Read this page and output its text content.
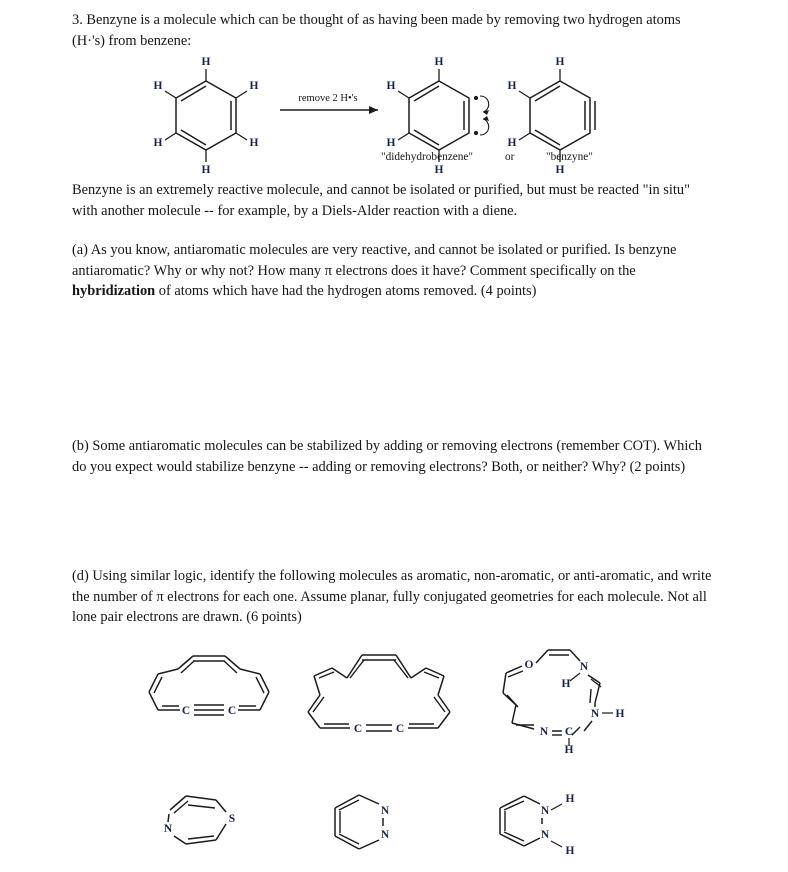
3. Benzyne is a molecule which can be thought of as having been made by removing two hydrogen atoms (H·'s) from benzene:
H
H
H
H
H
H
remove 2 H•'s
H
H
H
H
H
H
H
H
"didehydrobenzene"	or	"benzyne"
Benzyne is an extremely reactive molecule, and cannot be isolated or purified, but must be reacted "in situ" with another molecule -- for example, by a Diels-Alder reaction with a diene.
(a) As you know, antiaromatic molecules are very reactive, and cannot be isolated or purified. Is benzyne antiaromatic? Why or why not? How many π electrons does it have? Comment specifically on the hybridization of atoms which have had the hydrogen atoms removed. (4 points)
(b) Some antiaromatic molecules can be stabilized by adding or removing electrons (remember COT). Which do you expect would stabilize benzyne -- adding or removing electrons? Both, or neither? Why? (2 points)
(d) Using similar logic, identify the following molecules as aromatic, non-aromatic, or anti-aromatic, and write the number of π electrons for each one. Assume planar, fully conjugated geometries for each molecule. Not all lone pair electrons are drawn. (6 points)
C	C
C	C
O	N
H
N H
N C
H
N
S
N
N
N
N
H
H
